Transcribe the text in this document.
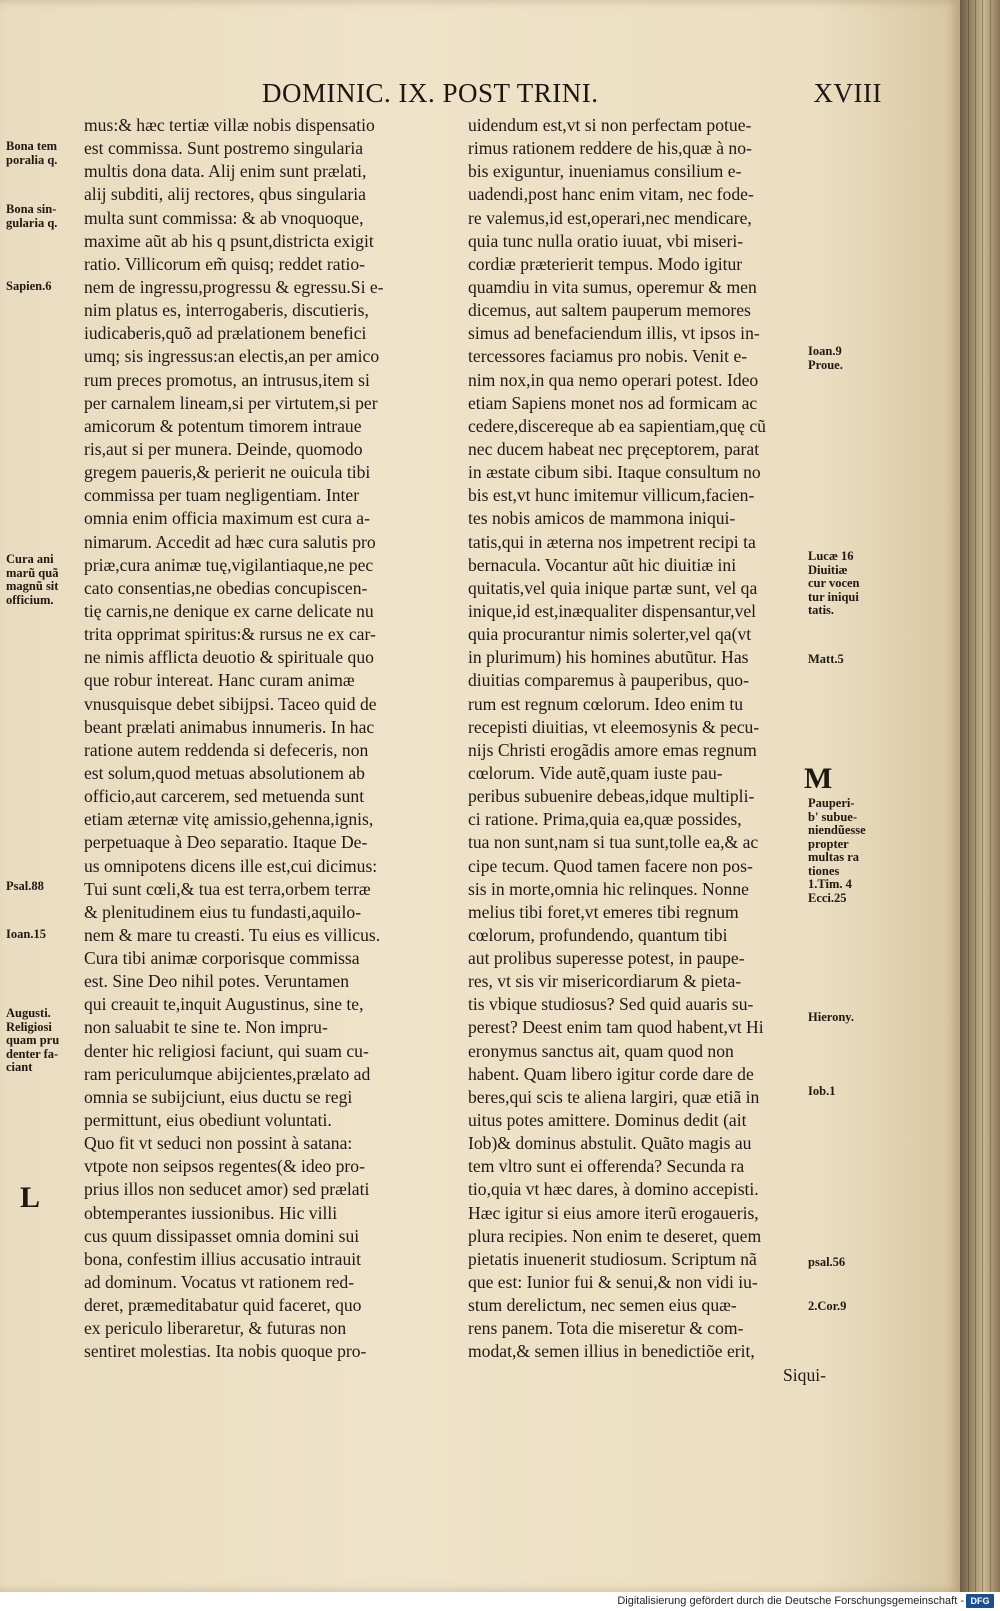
DOMINIC. IX. POST TRINI.	XVIII
mus:& hæc tertiæ villæ nobis dispensatio
est commissa. Sunt postremo singularia
multis dona data. Alij enim sunt prælati,
alij subditi, alij rectores, qbus singularia
multa sunt commissa: & ab vnoquoque,
maxime aũt ab his q psunt,districta exigit
ratio. Villicorum em̃ quisq; reddet ratio-
nem de ingressu,progressu & egressu.Si e-
nim platus es, interrogaberis, discutieris,
iudicaberis,quõ ad prælationem benefici
umq; sis ingressus:an electis,an per amico
rum preces promotus, an intrusus,item si
per carnalem lineam,si per virtutem,si per
amicorum & potentum timorem intraue
ris,aut si per munera. Deinde, quomodo
gregem paueris,& perierit ne ouicula tibi
commissa per tuam negligentiam. Inter
omnia enim officia maximum est cura a-
nimarum. Accedit ad hæc cura salutis pro
priæ,cura animæ tuę,vigilantiaque,ne pec
cato consentias,ne obedias concupiscen-
tię carnis,ne denique ex carne delicate nu
trita opprimat spiritus:& rursus ne ex car-
ne nimis afflicta deuotio & spirituale quo
que robur intereat. Hanc curam animæ
vnusquisque debet sibijpsi. Taceo quid de
beant prælati animabus innumeris. In hac
ratione autem reddenda si defeceris, non
est solum,quod metuas absolutionem ab
officio,aut carcerem, sed metuenda sunt
etiam æternæ vitę amissio,gehenna,ignis,
perpetuaque à Deo separatio. Itaque De-
us omnipotens dicens ille est,cui dicimus:
Tui sunt cœli,& tua est terra,orbem terræ
& plenitudinem eius tu fundasti,aquilo-
nem & mare tu creasti. Tu eius es villicus.
Cura tibi animæ corporisque commissa
est. Sine Deo nihil potes. Veruntamen
qui creauit te,inquit Augustinus, sine te,
non saluabit te sine te. Non impru-
denter hic religiosi faciunt, qui suam cu-
ram periculumque abijcientes,prælato ad
omnia se subijciunt, eius ductu se regi
permittunt, eius obediunt voluntati.
Quo fit vt seduci non possint à satana:
vtpote non seipsos regentes(& ideo pro-
prius illos non seducet amor) sed prælati
obtemperantes iussionibus. Hic villi
cus quum dissipasset omnia domini sui
bona, confestim illius accusatio intrauit
ad dominum. Vocatus vt rationem red-
deret, præmeditabatur quid faceret, quo
ex periculo liberaretur, & futuras non
sentiret molestias. Ita nobis quoque pro-
uidendum est,vt si non perfectam potue-
rimus rationem reddere de his,quæ à no-
bis exiguntur, inueniamus consilium e-
uadendi,post hanc enim vitam, nec fode-
re valemus,id est,operari,nec mendicare,
quia tunc nulla oratio iuuat, vbi miseri-
cordiæ præterierit tempus. Modo igitur
quamdiu in vita sumus, operemur & men
dicemus, aut saltem pauperum memores
simus ad benefaciendum illis, vt ipsos in-
tercessores faciamus pro nobis. Venit e-
nim nox,in qua nemo operari potest. Ideo
etiam Sapiens monet nos ad formicam ac
cedere,discereque ab ea sapientiam,quę cũ
nec ducem habeat nec pręceptorem, parat
in æstate cibum sibi. Itaque consultum no
bis est,vt hunc imitemur villicum,facien-
tes nobis amicos de mammona iniqui-
tatis,qui in æterna nos impetrent recipi ta
bernacula. Vocantur aũt hic diuitiæ ini
quitatis,vel quia inique partæ sunt, vel qa
inique,id est,inæqualiter dispensantur,vel
quia procurantur nimis solerter,vel qa(vt
in plurimum) his homines abutũtur. Has
diuitias comparemus à pauperibus, quo-
rum est regnum cœlorum. Ideo enim tu
recepisti diuitias, vt eleemosynis & pecu-
nijs Christi erogãdis amore emas regnum
cœlorum. Vide autẽ,quam iuste pau-
peribus subuenire debeas,idque multipli-
ci ratione. Prima,quia ea,quæ possides,
tua non sunt,nam si tua sunt,tolle ea,& ac
cipe tecum. Quod tamen facere non pos-
sis in morte,omnia hic relinques. Nonne
melius tibi foret,vt emeres tibi regnum
cœlorum, profundendo, quantum tibi
aut prolibus superesse potest, in paupe-
res, vt sis vir misericordiarum & pieta-
tis vbique studiosus? Sed quid auaris su-
perest? Deest enim tam quod habent,vt Hi
eronymus sanctus ait, quam quod non
habent. Quam libero igitur corde dare de
beres,qui scis te aliena largiri, quæ etiã in
uitus potes amittere. Dominus dedit (ait
Iob)& dominus abstulit. Quãto magis au
tem vltro sunt ei offerenda? Secunda ra
tio,quia vt hæc dares, à domino accepisti.
Hæc igitur si eius amore iterũ erogaueris,
plura recipies. Non enim te deseret, quem
pietatis inuenerit studiosum. Scriptum nã
que est: Iunior fui & senui,& non vidi iu-
stum derelictum, nec semen eius quæ-
rens panem. Tota die miseretur & com-
modat,& semen illius in benedictiõe erit,
Siqui-
Bona tem
poralia q.
Bona sin-
gularia q.
Sapien.6
Cura ani
marũ quã
magnũ sit
officium.
Psal.88
Ioan.15
Augusti.
Religiosi
quam pru
denter fa-
ciant
Ioan.9
Prouе.
Lucæ 16
Diuitiæ
cur vocen
tur iniqui
tatis.
Matt.5
Pauperi-
b' subue-
niendũesse
propter
multas ra
tiones
1.Tim. 4
Ecci.25
Hierony.
Iob.1
psal.56
2.Cor.9
L
M
Digitalisierung gefördert durch die Deutsche Forschungsgemeinschaft - DFG
